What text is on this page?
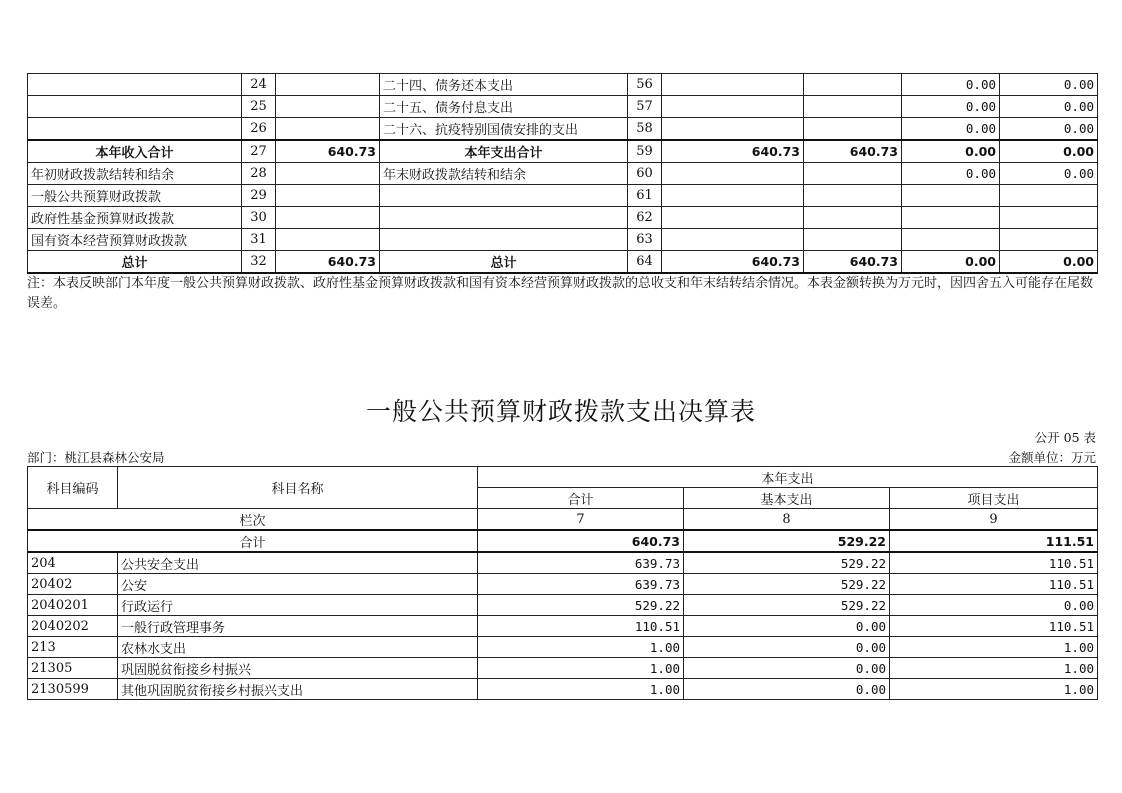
	24		二十四、债务还本支出	56			0.00	0.00
	25		二十五、债务付息支出	57			0.00	0.00
	26		二十六、抗疫特别国债安排的支出	58			0.00	0.00
本年收入合计	27	640.73	本年支出合计	59	640.73	640.73	0.00	0.00
年初财政拨款结转和结余	28		年末财政拨款结转和结余	60			0.00	0.00
一般公共预算财政拨款	29			61				
政府性基金预算财政拨款	30			62				
国有资本经营预算财政拨款	31			63				
总计	32	640.73	总计	64	640.73	640.73	0.00	0.00
注：本表反映部门本年度一般公共预算财政拨款、政府性基金预算财政拨款和国有资本经营预算财政拨款的总收支和年末结转结余情况。本表金额转换为万元时，因四舍五入可能存在尾数误差。
一般公共预算财政拨款支出决算表
公开 05 表
部门：桃江县森林公安局	金额单位：万元
科目编码	科目名称	本年支出		
		合计	基本支出	项目支出
栏次		7	8	9
合计		640.73	529.22	111.51
204	公共安全支出	639.73	529.22	110.51
20402	公安	639.73	529.22	110.51
2040201	行政运行	529.22	529.22	0.00
2040202	一般行政管理事务	110.51	0.00	110.51
213	农林水支出	1.00	0.00	1.00
21305	巩固脱贫衔接乡村振兴	1.00	0.00	1.00
2130599	其他巩固脱贫衔接乡村振兴支出	1.00	0.00	1.00
